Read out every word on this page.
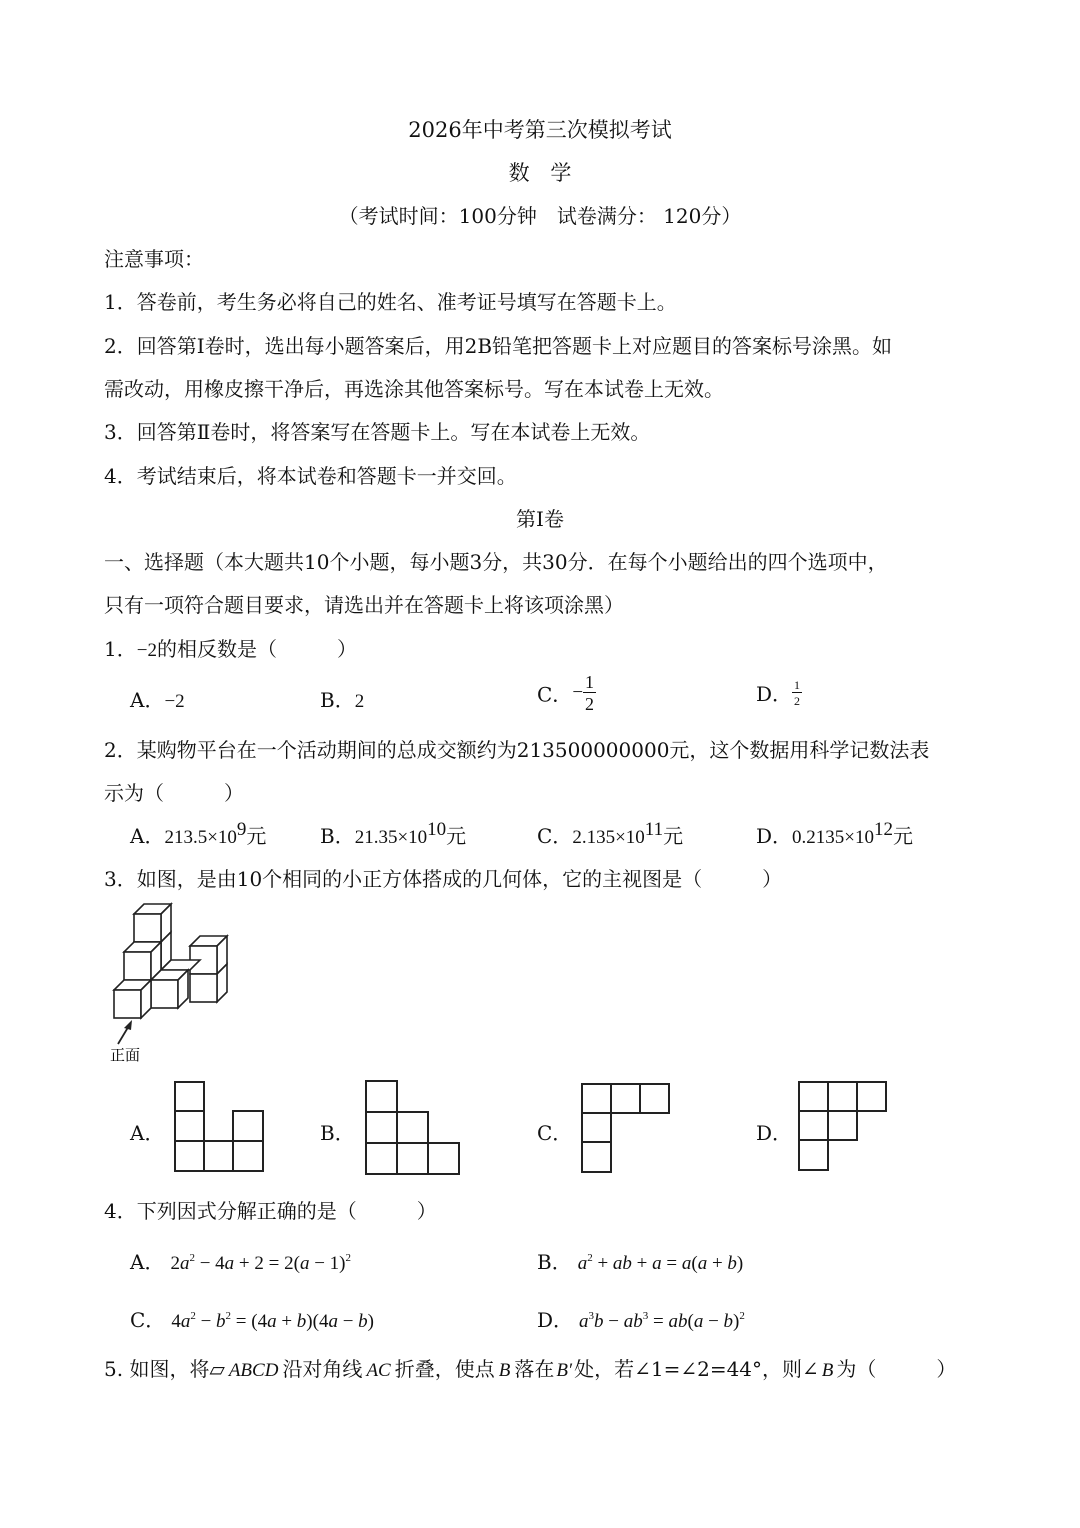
2026年中考第三次模拟考试
数 学
（考试时间：100分钟　试卷满分： 120分）
注意事项：
1．答卷前，考生务必将自己的姓名、准考证号填写在答题卡上。
2．回答第Ⅰ卷时，选出每小题答案后，用2B铅笔把答题卡上对应题目的答案标号涂黑。如
需改动，用橡皮擦干净后，再选涂其他答案标号。写在本试卷上无效。
3．回答第Ⅱ卷时，将答案写在答题卡上。写在本试卷上无效。
4．考试结束后，将本试卷和答题卡一并交回。
第Ⅰ卷
一、选择题（本大题共10个小题，每小题3分，共30分．在每个小题给出的四个选项中，
只有一项符合题目要求，请选出并在答题卡上将该项涂黑）
1．−2的相反数是（　　　）
A．−2	B．2	C．− $\frac{1}{2}$	D． $\frac{1}{2}$
2．某购物平台在一个活动期间的总成交额约为213500000000元，这个数据用科学记数法表
示为（　　　）
A．$213.5\times 10^9$元	B．$21.35\times 10^{10}$元	C．$2.135\times 10^{11}$元	D．$0.2135\times 10^{12}$元
3．如图，是由10个相同的小正方体搭成的几何体，它的主视图是（　　　）
正面
A．	B．	C．	D．
4．下列因式分解正确的是（　　　）
A． $2a^2 - 4a + 2 = 2(a - 1)^2$	B． $a^2$ + ab + a = a(a + b)
C． $4a^2 - b^2 = (4a + b)(4a - b)$	D． $a^3b - ab^3 = ab(a - b)^2$
5. 如图，将▱ ABCD 沿对角线 AC 折叠，使点 B 落在 B′ 处，若∠1=∠2=44°，则∠ B 为（　　　）
